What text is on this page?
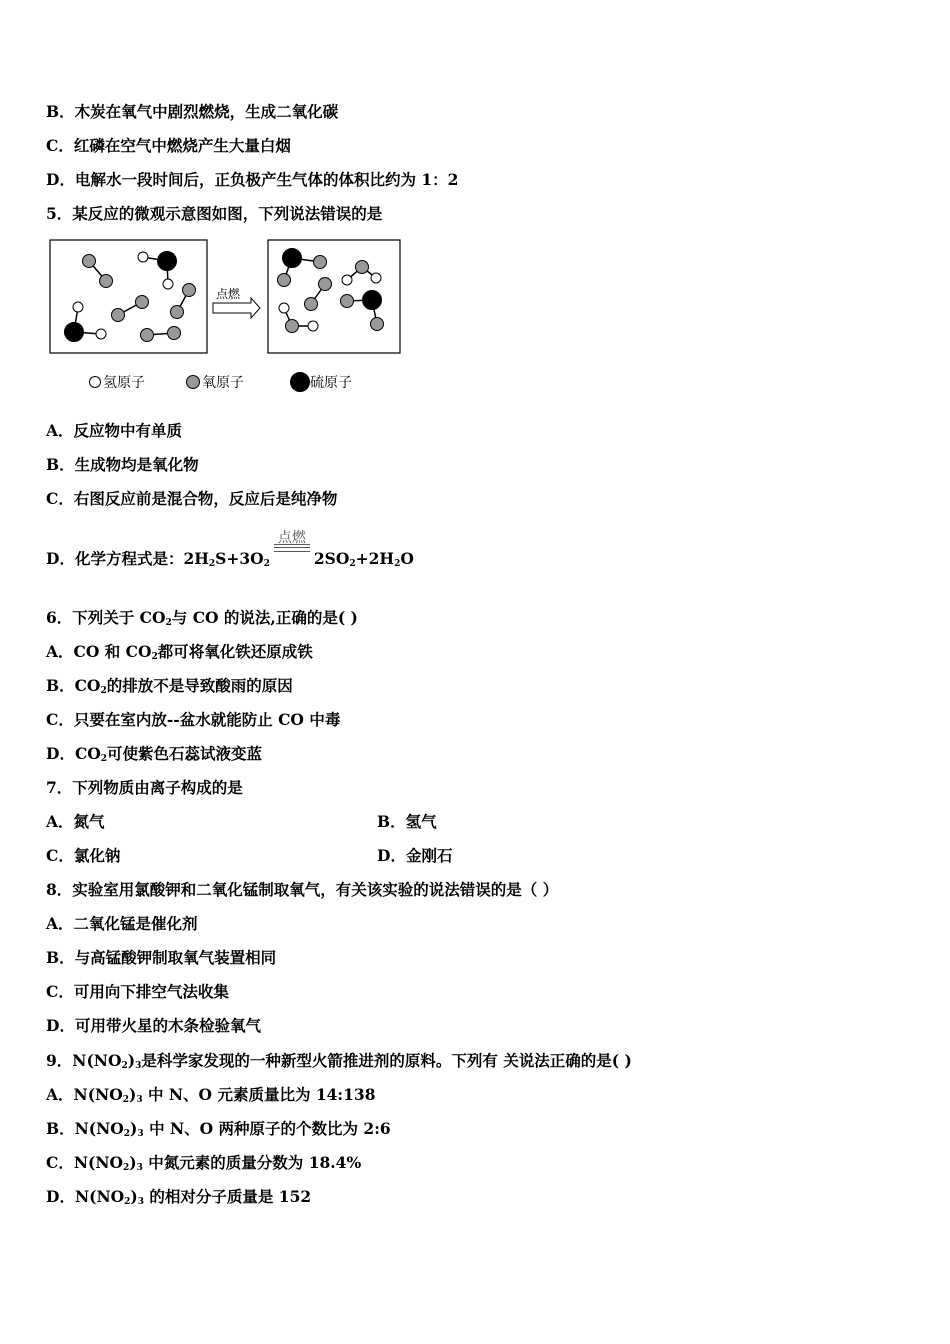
B．木炭在氧气中剧烈燃烧，生成二氧化碳
C．红磷在空气中燃烧产生大量白烟
D．电解水一段时间后，正负极产生气体的体积比约为 1：2
5．某反应的微观示意图如图，下列说法错误的是
点燃
氢原子	氧原子	硫原子
A．反应物中有单质
B．生成物均是氧化物
C．右图反应前是混合物，反应后是纯净物
D．化学方程式是：$2H_2S+3O_2$
点燃
$2SO_2+2H_2O$
6．下列关于 $CO_2$与 CO 的说法,正确的是( )
A．CO 和 $CO_2$都可将氧化铁还原成铁
B．$CO_2$的排放不是导致酸雨的原因
C．只要在室内放--盆水就能防止 CO 中毒
D．$CO_2$可使紫色石蕊试液变蓝
7．下列物质由离子构成的是
A．氮气	B．氢气
C．氯化钠	D．金刚石
8．实验室用氯酸钾和二氧化锰制取氧气，有关该实验的说法错误的是（ ）
A．二氧化锰是催化剂
B．与高锰酸钾制取氧气装置相同
C．可用向下排空气法收集
D．可用带火星的木条检验氧气
9．$N(NO_2)_3$是科学家发现的一种新型火箭推进剂的原料。下列有 关说法正确的是( )
A．$N(NO_2)_3$ 中 N、O 元素质量比为 14:138
B．$N(NO_2)_3$ 中 N、O 两种原子的个数比为 2:6
C．$N(NO_2)_3$ 中氮元素的质量分数为 18.4%
D．$N(NO_2)_3$ 的相对分子质量是 152
